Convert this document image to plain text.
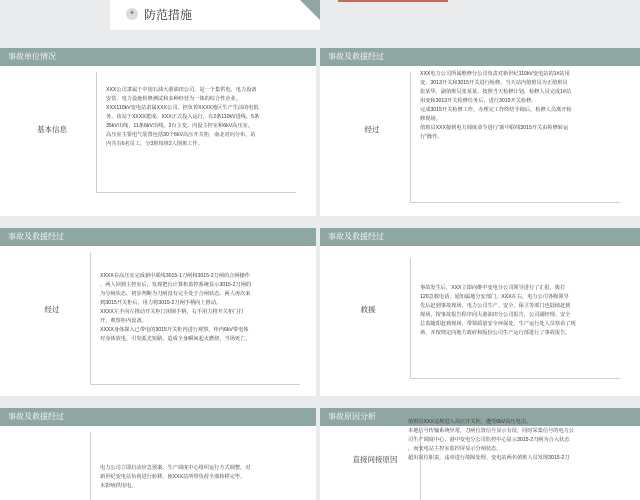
✦ 防范措施
事故单位情况
基本信息

XXX公司隶属于中国石油大港油田公司。是一个集供电、电力设备

安装、电力设施检修测试和多种经营为一体的综合性企业。

XXX110kV变电站隶属XXX公司，担负着XXXX地区生产生活的电低

务。该站于XXXX建成，XXX正式投入运行，有2条110kV进线，5条

35kV出线，11条6kV出线，2台主变。内设主控室和6kV高压室。

高压室主要电气装置包括30个6kV高压开关柜，南北对向分布，站

内共有6名员工，分3班每班2人倒班工作。

事故及救援经过
经过

XXX电力公司所属维修分公司负责对新世纪110kV变电站的1#站用

变、3013开关和3015开关进行检修。当天站内值班员为正值班员

张某华、副值班员张某某，按照当天检修计划，检修人员完成1#站

用变和3013开关检修任务后，进行3015开关检修。

完成3015开关检修工作，办理完工作终结手续后，检修人员离开检

修现场。

值班员XXX接到电力调度命令进行“新中联线3015开关由检修转运

行”操作。

事故及救援经过
经过

XXXX在高压室完成新中联线3015-1刀闸和3015-2刀闸的合闸操作

，两人回到主控室后，发现把台计算机监控系统显示3015-2刀闸的

为分闸状态，初步判断为刀闸没有完全处于合闸状态。两人再次来

到3015开关柜后，用力将3015-2刀闸手柄向上推动。

XXXX左手向左推动开关柜门闭锁手柄，右手用力将开关柜门打

开，观察柜内设备。

XXXX身体探入已带电的3015开关柜内进行观察，柜内6kV带电体

对身体放电，引发弧光短路，造成全身瞬间起火燃烧，当场死亡。

事故及救援经过
救援

事故发生后，XXX立即向维中变电分公司领导进行了汇报，拨打

120急救电话，通知属地分安部门。XXX在右，电力公司各级领导

先后赶到事故现场，电力公司生产、安全、保卫等部门也陆续赶到

现场，按事故报告程序向大港油田分公司报告，公司副经理、安全

总监随即赶到现场，带领质量安全环保处、生产运行处人员察看了现

场，并按规定向地方政府和股份公司生产运行部进行了事故报告。

事故及救援经过

电力公司立即启动应急预案，生产调度中心组织运行方式调整，对

新世纪变电站负荷进行转移，使XXX站所带负荷全部转移完毕，

未影响供用电。

事故原因分析
直接间接原因

值班员XXX违规进入高压开关柜，遭受6kV高压电击。

本地信号传输系统异常，刀闸位置信号显示有误，同时采集信号的电力公

司生产调度中心、港中变电分公司监控中心显示3015-2刀闸为合入状态

，而变电站主控室监控屏显示分闸状态。

超出岗位职责，违章进行故障处理。变电站两名值班人员发现3015-2刀
